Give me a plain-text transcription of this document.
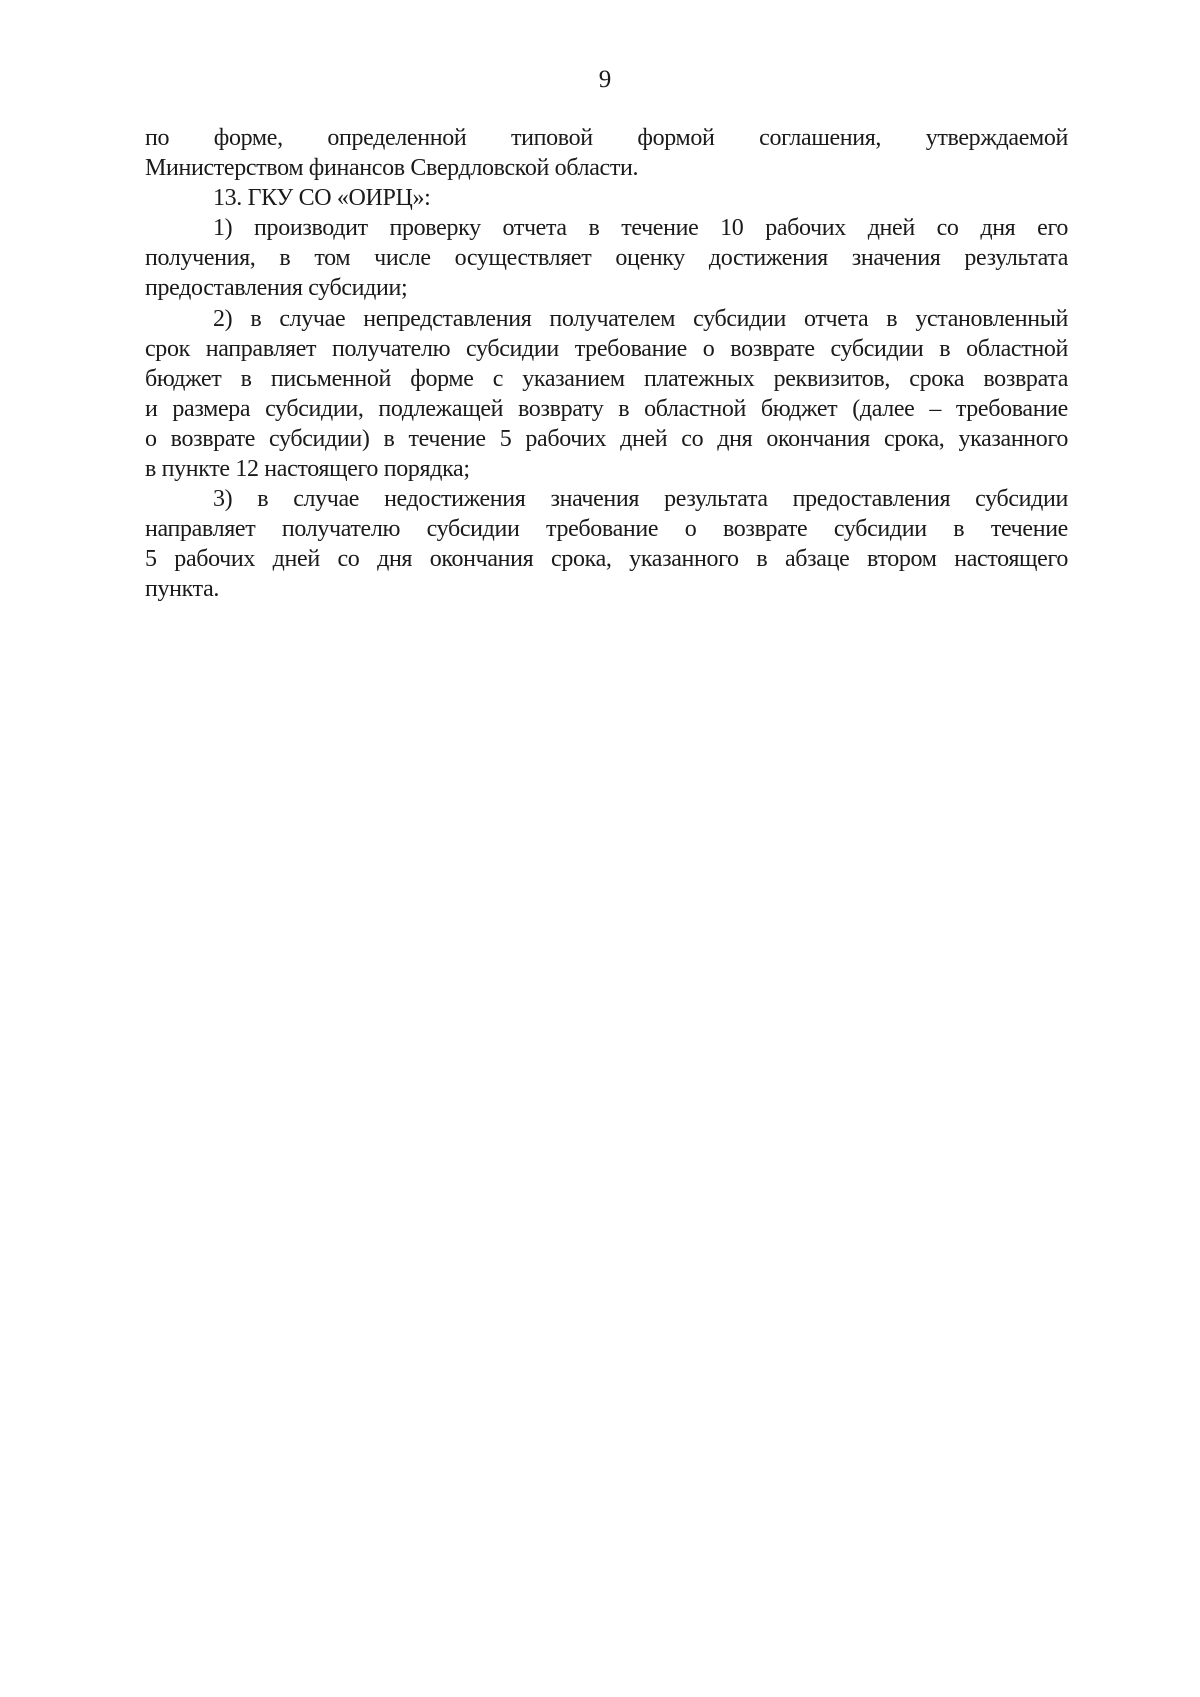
9
по форме, определенной типовой формой соглашения, утверждаемой
Министерством финансов Свердловской области.
13. ГКУ СО «ОИРЦ»:
1) производит проверку отчета в течение 10 рабочих дней со дня его
получения, в том числе осуществляет оценку достижения значения результата
предоставления субсидии;
2) в случае непредставления получателем субсидии отчета в установленный
срок направляет получателю субсидии требование о возврате субсидии в областной
бюджет в письменной форме с указанием платежных реквизитов, срока возврата
и размера субсидии, подлежащей возврату в областной бюджет (далее – требование
о возврате субсидии) в течение 5 рабочих дней со дня окончания срока, указанного
в пункте 12 настоящего порядка;
3) в случае недостижения значения результата предоставления субсидии
направляет получателю субсидии требование о возврате субсидии в течение
5 рабочих дней со дня окончания срока, указанного в абзаце втором настоящего
пункта.
